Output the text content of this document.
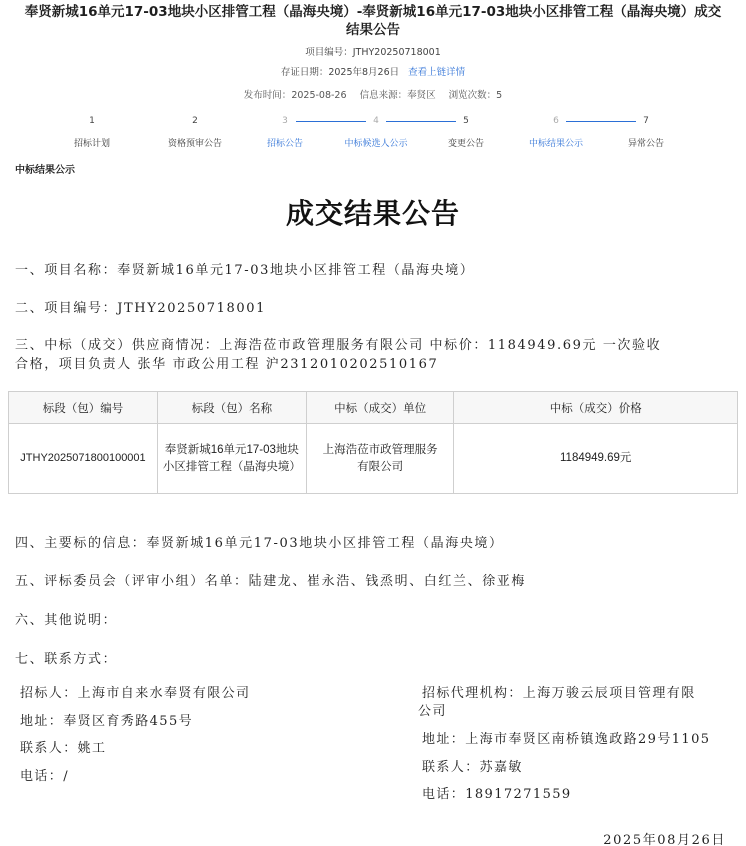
奉贤新城16单元17-03地块小区排管工程（晶海央境）-奉贤新城16单元17-03地块小区排管工程（晶海央境）成交
结果公告
项目编号：JTHY20250718001
存证日期：2025年8月26日 查看上链详情
发布时间：2025-08-26 信息来源：奉贤区 浏览次数：5
1
招标计划
2
资格预审公告
3
招标公告
4
中标候选人公示
5
变更公告
6
中标结果公示
7
异常公告
中标结果公示
成交结果公告
一、项目名称：奉贤新城16单元17-03地块小区排管工程（晶海央境）
二、项目编号：JTHY20250718001
三、中标（成交）供应商情况：上海浩莅市政管理服务有限公司 中标价：1184949.69元 一次验收
合格，项目负责人 张华 市政公用工程 沪2312010202510167
标段（包）编号	标段（包）名称	中标（成交）单位	中标（成交）价格
JTHY2025071800100001	奉贤新城16单元17-03地块小区排管工程（晶海央境）	上海浩莅市政管理服务有限公司	1184949.69元
四、主要标的信息：奉贤新城16单元17-03地块小区排管工程（晶海央境）
五、评标委员会（评审小组）名单：陆建龙、崔永浩、钱烝明、白红兰、徐亚梅
六、其他说明：
七、联系方式：
招标人：上海市自来水奉贤有限公司
地址：奉贤区育秀路455号
联系人：姚工
电话：/
招标代理机构：上海万骏云辰项目管理有限
公司
地址：上海市奉贤区南桥镇逸政路29号1105
联系人：苏嘉敏
电话：18917271559
2025年08月26日
